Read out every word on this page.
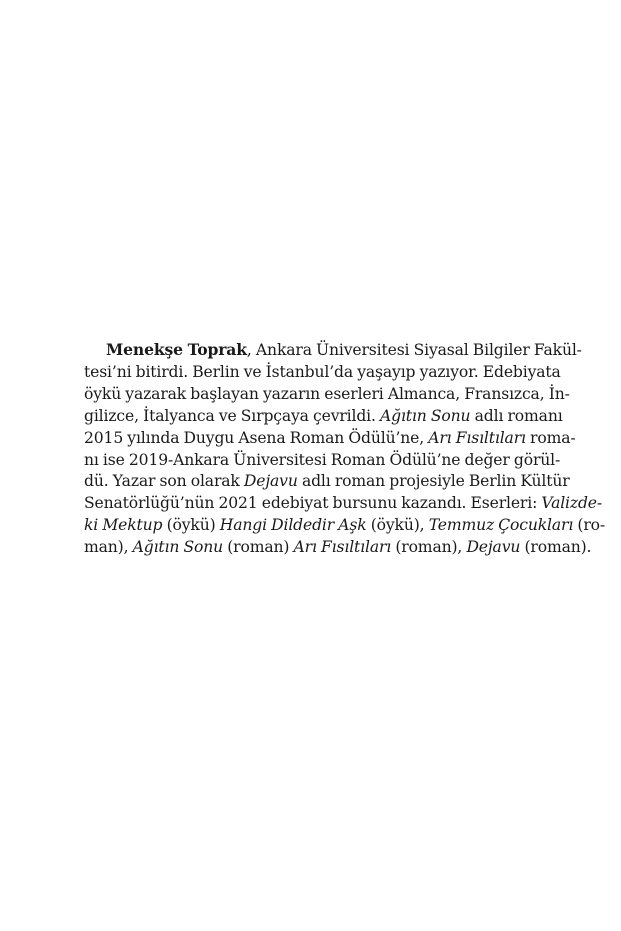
Menekşe Toprak, Ankara Üniversitesi Siyasal Bilgiler Fakül-
tesi’ni bitirdi. Berlin ve İstanbul’da yaşayıp yazıyor. Edebiyata
öykü yazarak başlayan yazarın eserleri Almanca, Fransızca, İn-
gilizce, İtalyanca ve Sırpçaya çevrildi. Ağıtın Sonu adlı romanı
2015 yılında Duygu Asena Roman Ödülü’ne, Arı Fısıltıları roma-
nı ise 2019-Ankara Üniversitesi Roman Ödülü’ne değer görül-
dü. Yazar son olarak Dejavu adlı roman projesiyle Berlin Kültür
Senatörlüğü’nün 2021 edebiyat bursunu kazandı. Eserleri: Valizde-
ki Mektup (öykü) Hangi Dildedir Aşk (öykü), Temmuz Çocukları (ro-
man), Ağıtın Sonu (roman) Arı Fısıltıları (roman), Dejavu (roman).
